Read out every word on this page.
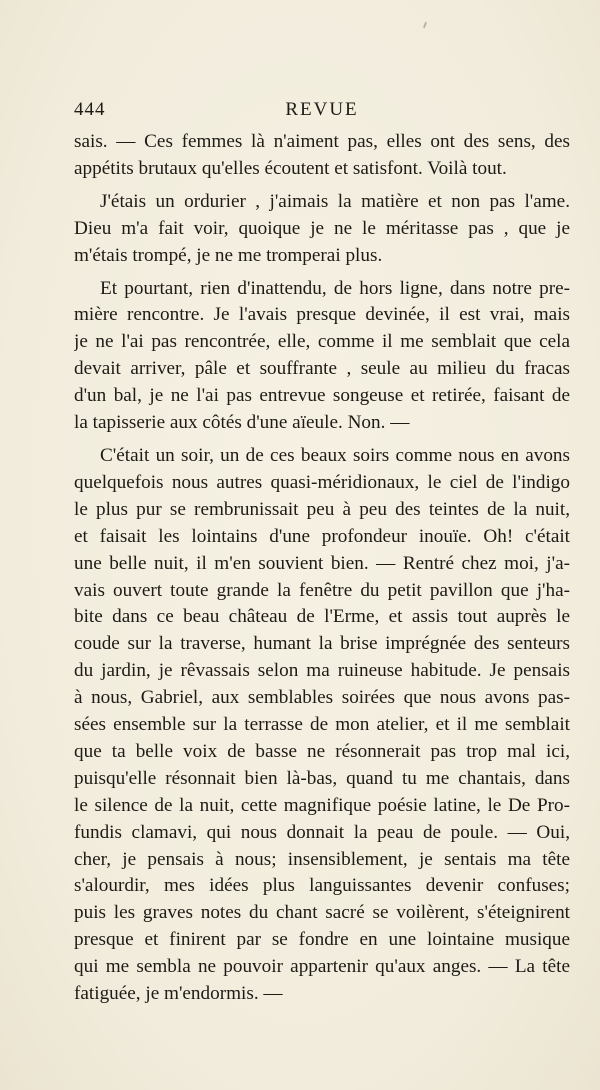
444	REVUE
sais. — Ces femmes là n'aiment pas, elles ont des sens, des
appétits brutaux qu'elles écoutent et satisfont. Voilà tout.
J'étais un ordurier , j'aimais la matière et non pas l'ame.
Dieu m'a fait voir, quoique je ne le méritasse pas , que je
m'étais trompé, je ne me tromperai plus.
Et pourtant, rien d'inattendu, de hors ligne, dans notre pre-
mière rencontre. Je l'avais presque devinée, il est vrai, mais
je ne l'ai pas rencontrée, elle, comme il me semblait que cela
devait arriver, pâle et souffrante , seule au milieu du fracas
d'un bal, je ne l'ai pas entrevue songeuse et retirée, faisant de
la tapisserie aux côtés d'une aïeule. Non. —
C'était un soir, un de ces beaux soirs comme nous en avons
quelquefois nous autres quasi-méridionaux, le ciel de l'indigo
le plus pur se rembrunissait peu à peu des teintes de la nuit,
et faisait les lointains d'une profondeur inouïe. Oh! c'était
une belle nuit, il m'en souvient bien. — Rentré chez moi, j'a-
vais ouvert toute grande la fenêtre du petit pavillon que j'ha-
bite dans ce beau château de l'Erme, et assis tout auprès le
coude sur la traverse, humant la brise imprégnée des senteurs
du jardin, je rêvassais selon ma ruineuse habitude. Je pensais
à nous, Gabriel, aux semblables soirées que nous avons pas-
sées ensemble sur la terrasse de mon atelier, et il me semblait
que ta belle voix de basse ne résonnerait pas trop mal ici,
puisqu'elle résonnait bien là-bas, quand tu me chantais, dans
le silence de la nuit, cette magnifique poésie latine, le De Pro-
fundis clamavi, qui nous donnait la peau de poule. — Oui,
cher, je pensais à nous; insensiblement, je sentais ma tête
s'alourdir, mes idées plus languissantes devenir confuses;
puis les graves notes du chant sacré se voilèrent, s'éteignirent
presque et finirent par se fondre en une lointaine musique
qui me sembla ne pouvoir appartenir qu'aux anges. — La tête
fatiguée, je m'endormis. —
